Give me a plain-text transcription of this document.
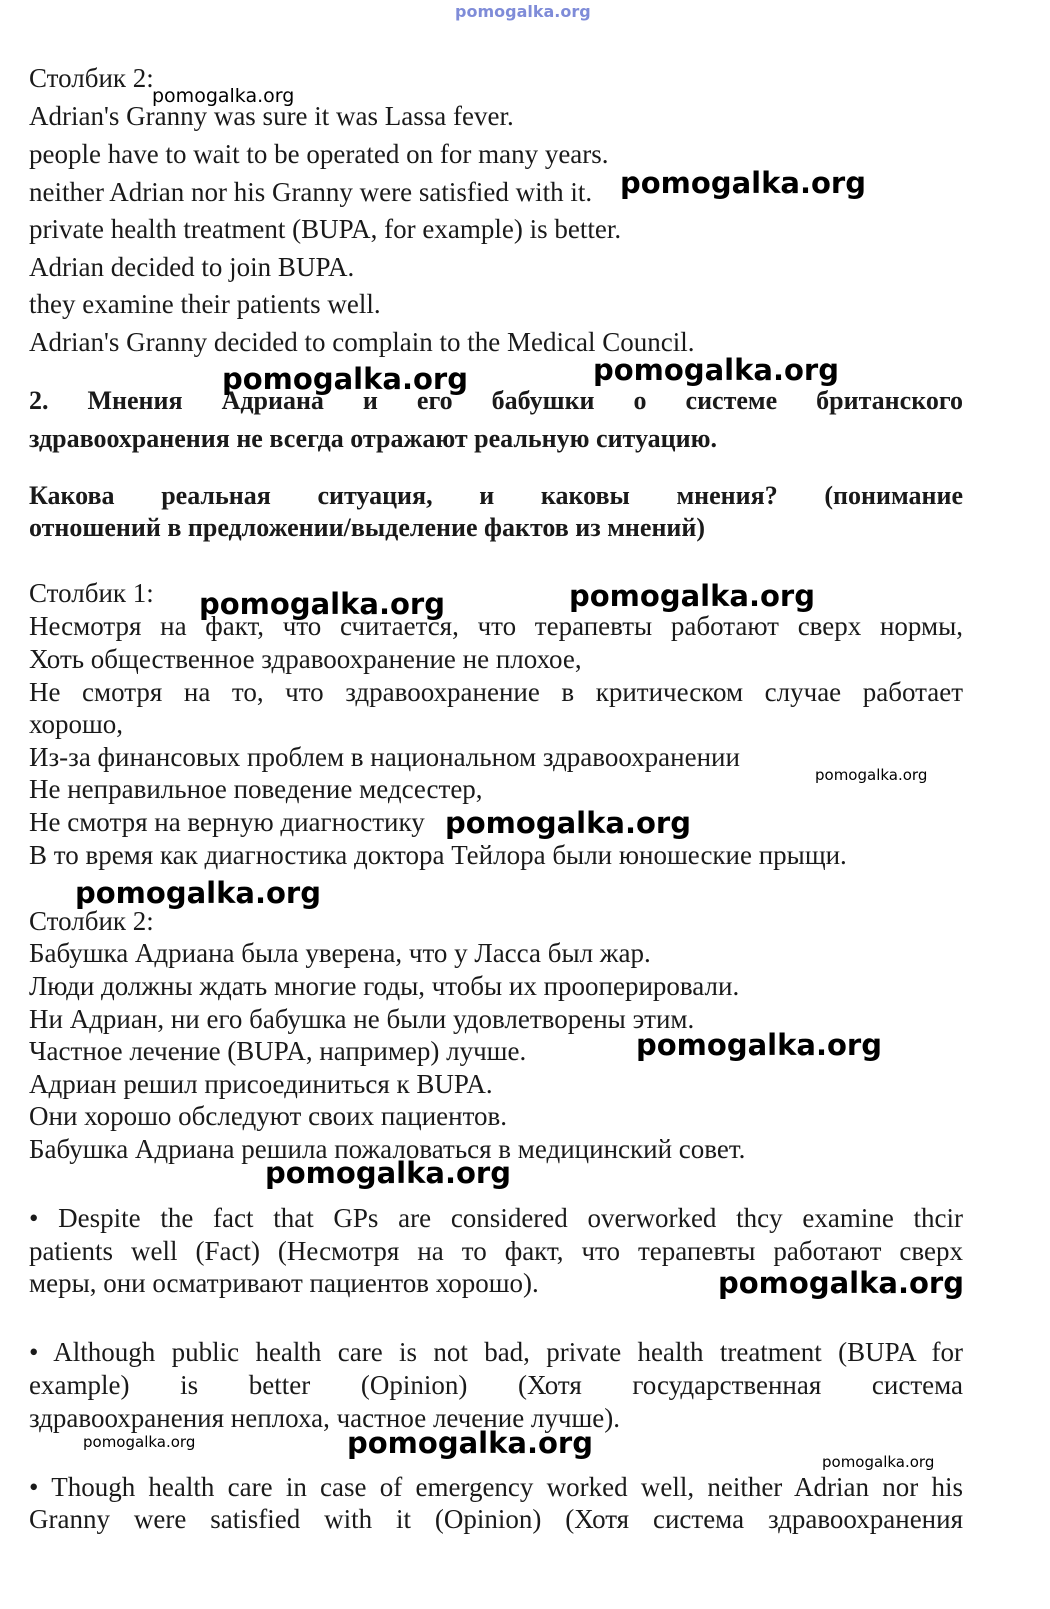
Столбик 2:
Adrian's Granny was sure it was Lassa fever.
people have to wait to be operated on for many years.
neither Adrian nor his Granny were satisfied with it.
private health treatment (BUPA, for example) is better.
Adrian decided to join BUPA.
they examine their patients well.
Adrian's Granny decided to complain to the Medical Council.
2. Мнения Адриана и его бабушки о системе британского
здравоохранения не всегда отражают реальную ситуацию.
Какова реальная ситуация, и каковы мнения? (понимание
отношений в предложении/выделение фактов из мнений)
Столбик 1:
Несмотря на факт, что считается, что терапевты работают сверх нормы,
Хоть общественное здравоохранение не плохое,
Не смотря на то, что здравоохранение в критическом случае работает
хорошо,
Из-за финансовых проблем в национальном здравоохранении
Не неправильное поведение медсестер,
Не смотря на верную диагностику
В то время как диагностика доктора Тейлора были юношеские прыщи.
Столбик 2:
Бабушка Адриана была уверена, что у Ласса был жар.
Люди должны ждать многие годы, чтобы их прооперировали.
Ни Адриан, ни его бабушка не были удовлетворены этим.
Частное лечение (BUPA, например) лучше.
Адриан решил присоединиться к BUPA.
Они хорошо обследуют своих пациентов.
Бабушка Адриана решила пожаловаться в медицинский совет.
• Despite the fact that GPs are considered overworked thcy examine thcir
patients well (Fact) (Несмотря на то факт, что терапевты работают сверх
меры, они осматривают пациентов хорошо).
• Although public health care is not bad, private health treatment (BUPA for
example) is better (Opinion) (Хотя государственная система
здравоохранения неплоха, частное лечение лучше).
• Though health care in case of emergency worked well, neither Adrian nor his
Granny were satisfied with it (Opinion) (Хотя система здравоохранения
pomogalka.org
pomogalka.org
pomogalka.org
pomogalka.org	pomogalka.org
pomogalka.org	pomogalka.org
pomogalka.org
pomogalka.org
pomogalka.org
pomogalka.org
pomogalka.org
pomogalka.org
pomogalka.org	pomogalka.org
pomogalka.org
